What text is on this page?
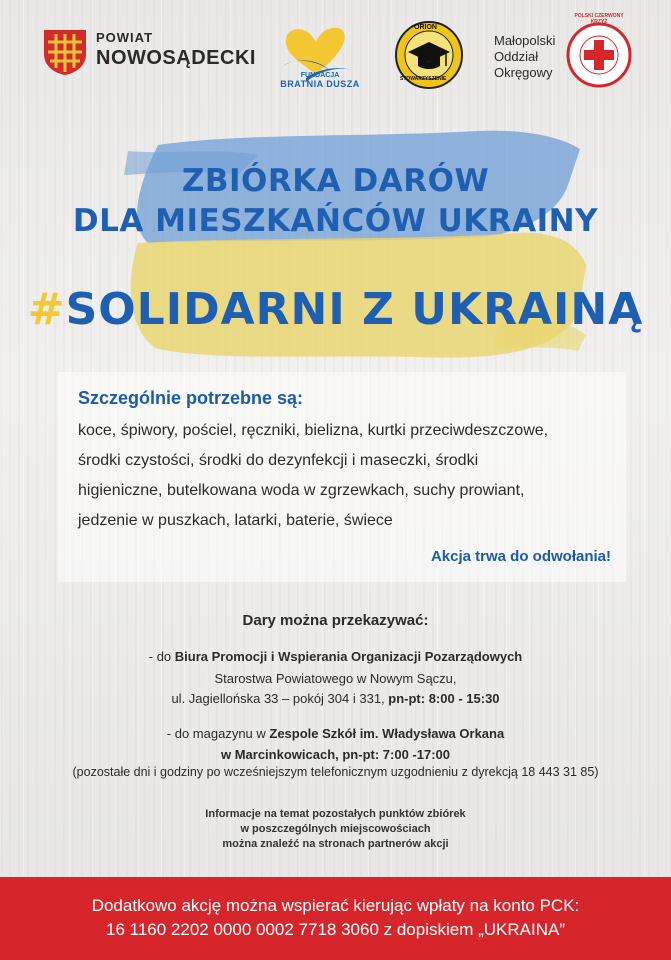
POWIAT
NOWOSĄDECKI
FUNDACJA
BRATNIA DUSZA
ORION
STOWARZYSZENIE
Małopolski
Oddział
Okręgowy
POLSKI CZERWONY KRZYŻ
ZBIÓRKA DARÓW
DLA MIESZKAŃCÓW UKRAINY
#SOLIDARNI Z UKRAINĄ
Szczególnie potrzebne są:
koce, śpiwory, pościel, ręczniki, bielizna, kurtki przeciwdeszczowe,
środki czystości, środki do dezynfekcji i maseczki, środki
higieniczne, butelkowana woda w zgrzewkach, suchy prowiant,
jedzenie w puszkach, latarki, baterie, świece
Akcja trwa do odwołania!
Dary można przekazywać:
- do Biura Promocji i Wspierania Organizacji Pozarządowych
Starostwa Powiatowego w Nowym Sączu,
ul. Jagiellońska 33 – pokój 304 i 331, pn-pt: 8:00 - 15:30
- do magazynu w Zespole Szkół im. Władysława Orkana
w Marcinkowicach, pn-pt: 7:00 -17:00
(pozostałe dni i godziny po wcześniejszym telefonicznym uzgodnieniu z dyrekcją 18 443 31 85)
Informacje na temat pozostałych punktów zbiórek
w poszczególnych miejscowościach
można znaleźć na stronach partnerów akcji
Dodatkowo akcję można wspierać kierując wpłaty na konto PCK:
16 1160 2202 0000 0002 7718 3060 z dopiskiem „UKRAINA”
